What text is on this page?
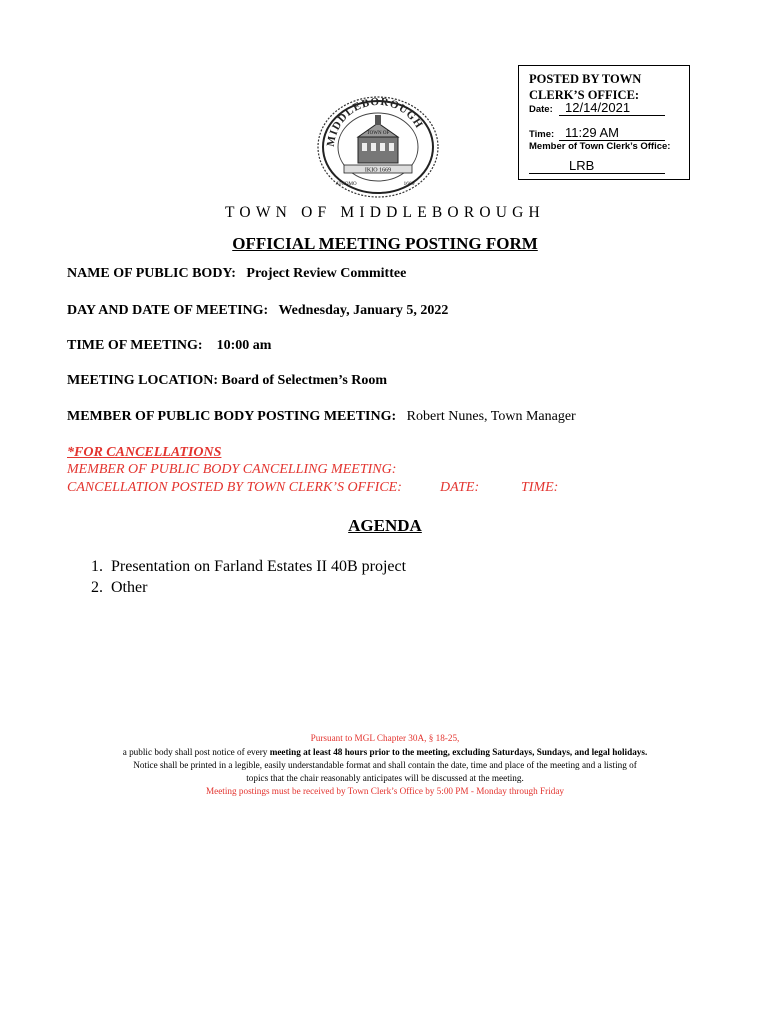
POSTED BY TOWN CLERK’S OFFICE:
Date: 12/14/2021
Time: 11:29 AM
Member of Town Clerk’s Office:
LRB
MIDDLEBOROUGH
IKIO 1669
TOWN OF
1669
ATCOMO
TOWN OF MIDDLEBOROUGH
OFFICIAL MEETING POSTING FORM
NAME OF PUBLIC BODY: Project Review Committee
DAY AND DATE OF MEETING: Wednesday, January 5, 2022
TIME OF MEETING: 10:00 am
MEETING LOCATION: Board of Selectmen’s Room
MEMBER OF PUBLIC BODY POSTING MEETING: Robert Nunes, Town Manager
*FOR CANCELLATIONS
MEMBER OF PUBLIC BODY CANCELLING MEETING:
CANCELLATION POSTED BY TOWN CLERK’S OFFICE:	DATE:	TIME:
AGENDA
1. Presentation on Farland Estates II 40B project
2. Other
Pursuant to MGL Chapter 30A, § 18-25,
a public body shall post notice of every meeting at least 48 hours prior to the meeting, excluding Saturdays, Sundays, and legal holidays.
Notice shall be printed in a legible, easily understandable format and shall contain the date, time and place of the meeting and a listing of
topics that the chair reasonably anticipates will be discussed at the meeting.
Meeting postings must be received by Town Clerk’s Office by 5:00 PM - Monday through Friday
